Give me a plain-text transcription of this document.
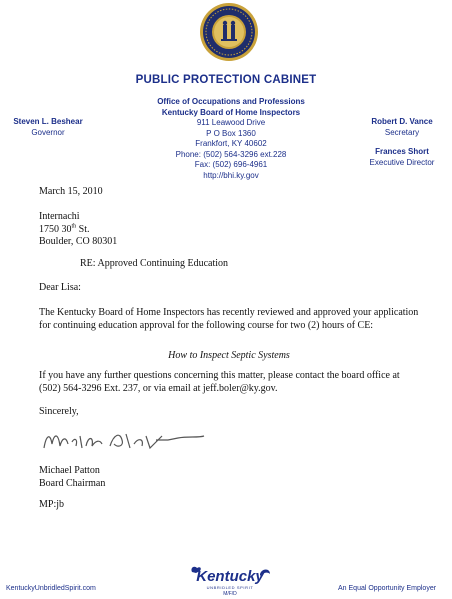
PUBLIC PROTECTION CABINET
Steven L. Beshear
Governor
Office of Occupations and Professions
Kentucky Board of Home Inspectors
911 Leawood Drive
P O Box 1360
Frankfort, KY 40602
Phone: (502) 564-3296 ext.228
Fax: (502) 696-4961
http://bhi.ky.gov
Robert D. Vance
Secretary
Frances Short
Executive Director
March 15, 2010
Internachi
1750 30th St.
Boulder, CO 80301
RE: Approved Continuing Education
Dear Lisa:
The Kentucky Board of Home Inspectors has recently reviewed and approved your application for continuing education approval for the following course for two (2) hours of CE:
How to Inspect Septic Systems
If you have any further questions concerning this matter, please contact the board office at (502) 564-3296 Ext. 237, or via email at jeff.boler@ky.gov.
Sincerely,
Michael Patton
Board Chairman
MP:jb
KentuckyUnbridledSpirit.com	An Equal Opportunity Employer
Kentucky
UNBRIDLED SPIRIT
M/F/D
